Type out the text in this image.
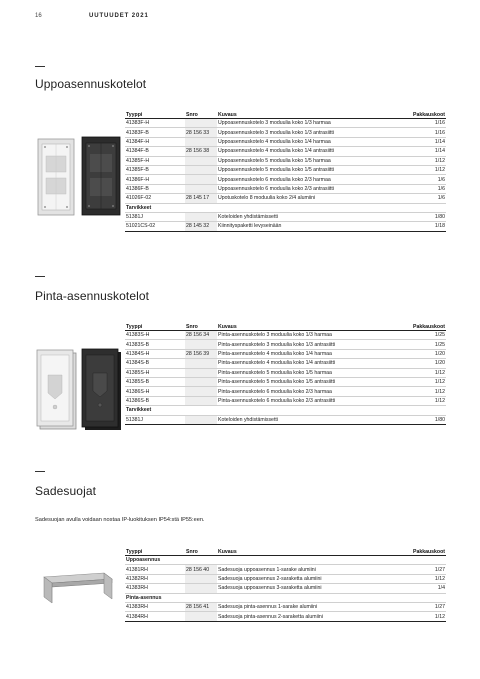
16	UUTUUDET 2021
Uppoasennuskotelot
Tyyppi	Snro	Kuvaus	Pakkauskoot
41383F-H		Uppoasennuskotelo 3 moduulia koko 1/3 harmaa	1/16
41383F-B	28 156 33	Uppoasennuskotelo 3 moduulia koko 1/3 antrasiitti	1/16
41384F-H		Uppoasennuskotelo 4 moduulia koko 1/4 harmaa	1/14
41384F-B	28 156 38	Uppoasennuskotelo 4 moduulia koko 1/4 antrasiitti	1/14
41385F-H		Uppoasennuskotelo 5 moduulia koko 1/5 harmaa	1/12
41385F-B		Uppoasennuskotelo 5 moduulia koko 1/5 antrasiitti	1/12
41386F-H		Uppoasennuskotelo 6 moduulia koko 2/3 harmaa	1/6
41386F-B		Uppoasennuskotelo 6 moduulia koko 2/3 antrasiitti	1/6
41026F-02	28 145 17	Upotuskotelo 8 moduulia koko 2/4 alumiini	1/6
Tarvikkeet			
51381J		Koteloiden yhdistämissetti	1/80
51021CS-02	28 145 32	Kiinnityspaketti levyseinään	1/18
Pinta-asennuskotelot
Tyyppi	Snro	Kuvaus	Pakkauskoot
41383S-H	28 156 34	Pinta-asennuskotelo 3 moduulia koko 1/3 harmaa	1/25
41383S-B		Pinta-asennuskotelo 3 moduulia koko 1/3 antrasiitti	1/25
41384S-H	28 156 39	Pinta-asennuskotelo 4 moduulia koko 1/4 harmaa	1/20
41384S-B		Pinta-asennuskotelo 4 moduulia koko 1/4 antrasiitti	1/20
41385S-H		Pinta-asennuskotelo 5 moduulia koko 1/5 harmaa	1/12
41385S-B		Pinta-asennuskotelo 5 moduulia koko 1/5 antrasiitti	1/12
41386S-H		Pinta-asennuskotelo 6 moduulia koko 2/3 harmaa	1/12
41386S-B		Pinta-asennuskotelo 6 moduulia koko 2/3 antrasiitti	1/12
Tarvikkeet			
51381J		Koteloiden yhdistämissetti	1/80
Sadesuojat
Sadesuojan avulla voidaan nostaa IP-luokituksen IP54:stä IP55:een.
Tyyppi	Snro	Kuvaus	Pakkauskoot
Uppoasennus			
41381RH	28 156 40	Sadesuoja uppoasennus 1-sarake alumiini	1/27
41382RH		Sadesuoja uppoasennus 2-saraketta alumiini	1/12
41383RH		Sadesuoja uppoasennus 3-saraketta alumiini	1/4
Pinta-asennus			
41383RH	28 156 41	Sadesuoja pinta-asennus 1-sarake alumiini	1/27
41384RH		Sadesuoja pinta-asennus 2-saraketta alumiini	1/12
